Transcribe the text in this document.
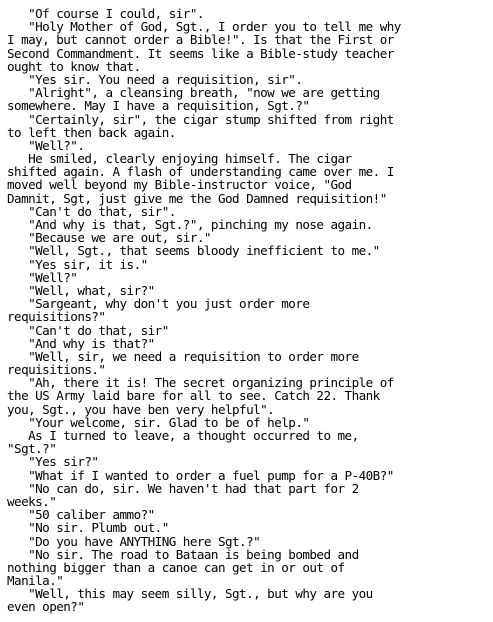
"Of course I could, sir".
"Holy Mother of God, Sgt., I order you to tell me why
I may, but cannot order a Bible!". Is that the First or
Second Commandment. It seems like a Bible-study teacher
ought to know that.
"Yes sir. You need a requisition, sir".
"Alright", a cleansing breath, "now we are getting
somewhere. May I have a requisition, Sgt.?"
"Certainly, sir", the cigar stump shifted from right
to left then back again.
"Well?".
He smiled, clearly enjoying himself. The cigar
shifted again. A flash of understanding came over me. I
moved well beyond my Bible-instructor voice, "God
Damnit, Sgt, just give me the God Damned requisition!"
"Can't do that, sir".
"And why is that, Sgt.?", pinching my nose again.
"Because we are out, sir."
"Well, Sgt., that seems bloody inefficient to me."
"Yes sir, it is."
"Well?"
"Well, what, sir?"
"Sargeant, why don't you just order more
requisitions?"
"Can't do that, sir"
"And why is that?"
"Well, sir, we need a requisition to order more
requisitions."
"Ah, there it is! The secret organizing principle of
the US Army laid bare for all to see. Catch 22. Thank
you, Sgt., you have ben very helpful".
"Your welcome, sir. Glad to be of help."
As I turned to leave, a thought occurred to me,
"Sgt.?"
"Yes sir?"
"What if I wanted to order a fuel pump for a P-40B?"
"No can do, sir. We haven't had that part for 2
weeks."
"50 caliber ammo?"
"No sir. Plumb out."
"Do you have ANYTHING here Sgt.?"
"No sir. The road to Bataan is being bombed and
nothing bigger than a canoe can get in or out of
Manila."
"Well, this may seem silly, Sgt., but why are you
even open?"
